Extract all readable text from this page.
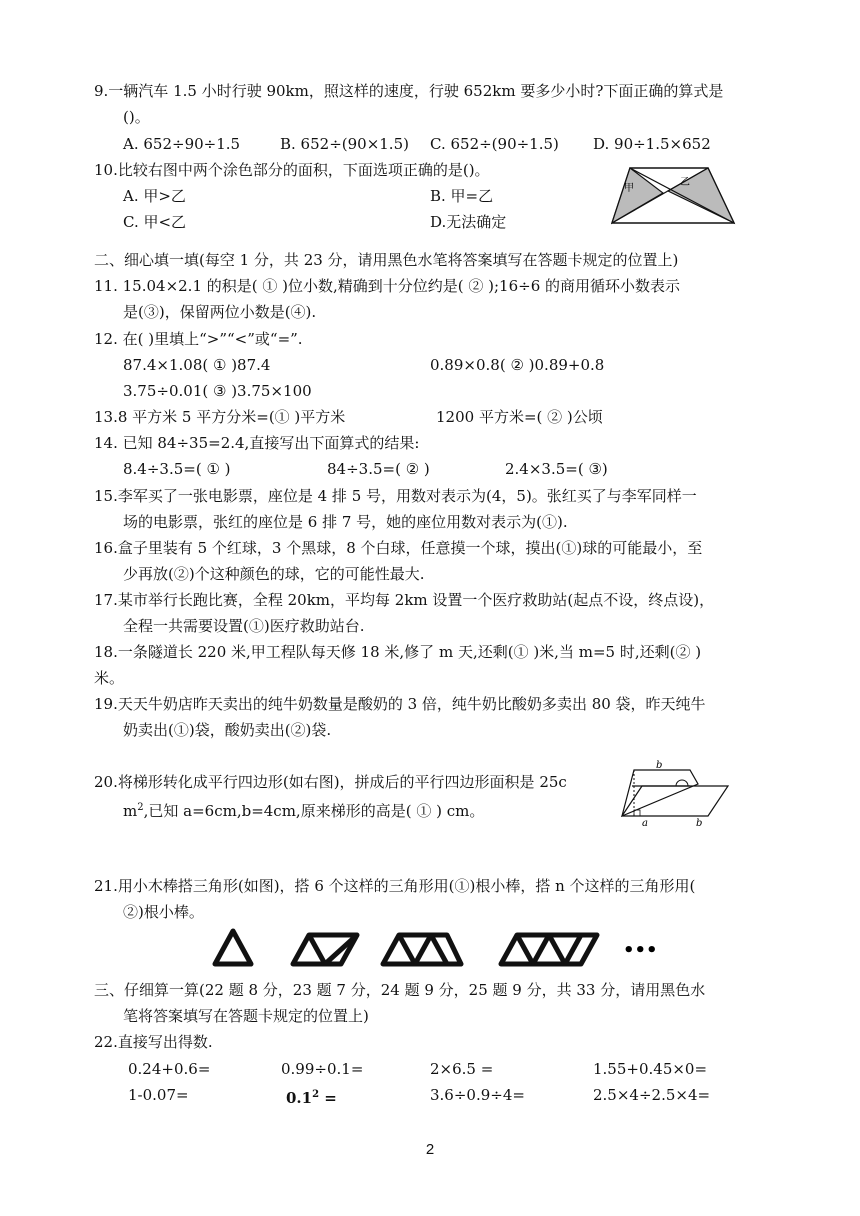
9.一辆汽车 1.5 小时行驶 90km，照这样的速度，行驶 652km 要多少小时?下面正确的算式是
()。
A. 652÷90÷1.5	B. 652÷(90×1.5) C. 652÷(90÷1.5) D. 90÷1.5×652
10.比较右图中两个涂色部分的面积，下面选项正确的是()。
A. 甲>乙	B. 甲=乙
C. 甲<乙	D.无法确定
甲
乙
二、细心填一填(每空 1 分，共 23 分，请用黑色水笔将答案填写在答题卡规定的位置上)
11. 15.04×2.1 的积是( ① )位小数,精确到十分位约是( ② );16÷6 的商用循环小数表示
是(③)，保留两位小数是(④).
12. 在( )里填上“>”“<”或“=”.
87.4×1.08( ① )87.4	0.89×0.8( ② )0.89+0.8
3.75÷0.01( ③ )3.75×100
13.8 平方米 5 平方分米=(① )平方米	1200 平方米=( ② )公顷
14. 已知 84÷35=2.4,直接写出下面算式的结果:
8.4÷3.5=( ① )	84÷3.5=( ② )	2.4×3.5=( ③)
15.李军买了一张电影票，座位是 4 排 5 号，用数对表示为(4，5)。张红买了与李军同样一
场的电影票，张红的座位是 6 排 7 号，她的座位用数对表示为(①).
16.盒子里装有 5 个红球，3 个黑球，8 个白球，任意摸一个球，摸出(①)球的可能最小，至
少再放(②)个这种颜色的球，它的可能性最大.
17.某市举行长跑比赛，全程 20km，平均每 2km 设置一个医疗救助站(起点不设，终点设)，
全程一共需要设置(①)医疗救助站台.
18.一条隧道长 220 米,甲工程队每天修 18 米,修了 m 天,还剩(① )米,当 m=5 时,还剩(② )
米。
19.天天牛奶店昨天卖出的纯牛奶数量是酸奶的 3 倍，纯牛奶比酸奶多卖出 80 袋，昨天纯牛
奶卖出(①)袋，酸奶卖出(②)袋.
20.将梯形转化成平行四边形(如右图)，拼成后的平行四边形面积是 25c
$m^2$,已知 a=6cm,b=4cm,原来梯形的高是( ① ) cm。
b
a	b
21.用小木棒搭三角形(如图)，搭 6 个这样的三角形用(①)根小棒，搭 n 个这样的三角形用(
②)根小棒。
•••
三、仔细算一算(22 题 8 分，23 题 7 分，24 题 9 分，25 题 9 分，共 33 分，请用黑色水
笔将答案填写在答题卡规定的位置上)
22.直接写出得数.
0.24+0.6=	0.99÷0.1=	2×6.5 =	1.55+0.45×0=
1-0.07=	$0.1^2$ =	3.6÷0.9÷4=	2.5×4÷2.5×4=
2
